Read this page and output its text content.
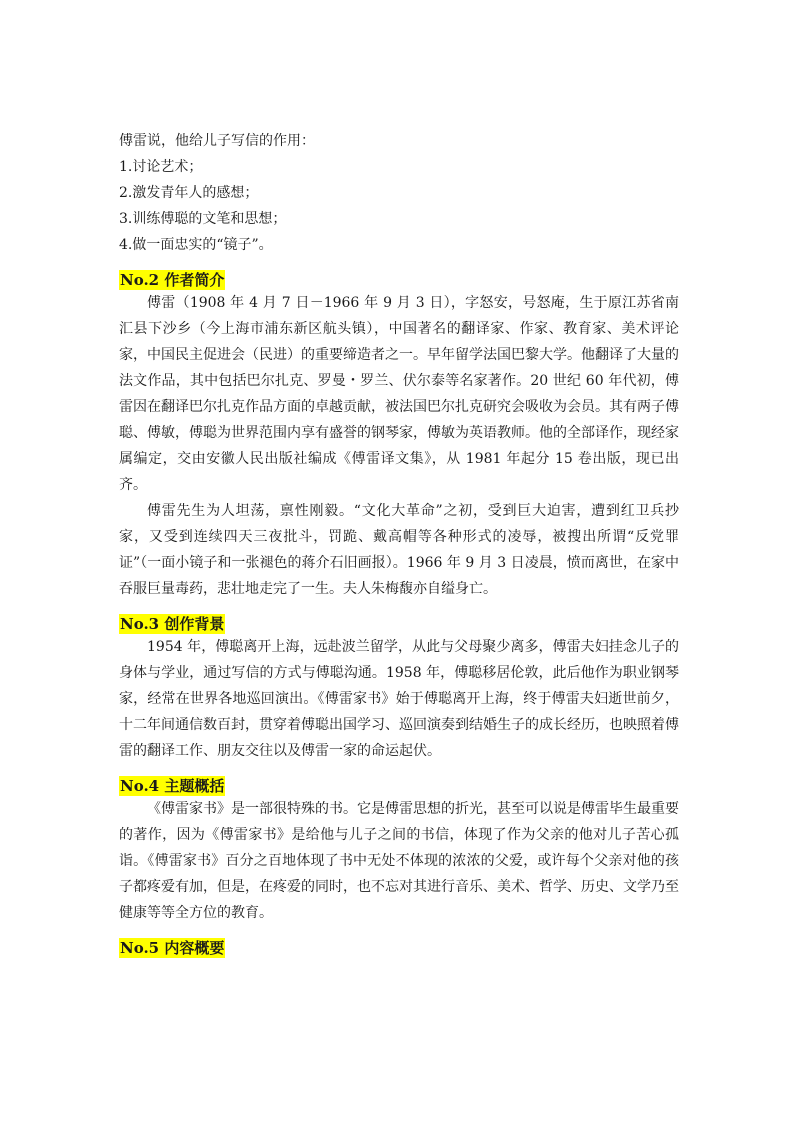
傅雷说，他给儿子写信的作用：
1.讨论艺术；
2.激发青年人的感想；
3.训练傅聪的文笔和思想；
4.做一面忠实的“镜子”。
No.2 作者简介

傅雷（1908 年 4 月 7 日－1966 年 9 月 3 日），字怒安，号怒庵，生于原江苏省南汇县下沙乡（今上海市浦东新区航头镇），中国著名的翻译家、作家、教育家、美术评论家，中国民主促进会（民进）的重要缔造者之一。早年留学法国巴黎大学。他翻译了大量的法文作品，其中包括巴尔扎克、罗曼・罗兰、伏尔泰等名家著作。20 世纪 60 年代初，傅雷因在翻译巴尔扎克作品方面的卓越贡献，被法国巴尔扎克研究会吸收为会员。其有两子傅聪、傅敏，傅聪为世界范围内享有盛誉的钢琴家，傅敏为英语教师。他的全部译作，现经家属编定，交由安徽人民出版社编成《傅雷译文集》，从 1981 年起分 15 卷出版，现已出齐。

傅雷先生为人坦荡，禀性刚毅。“文化大革命”之初，受到巨大迫害，遭到红卫兵抄家，又受到连续四天三夜批斗，罚跪、戴高帽等各种形式的凌辱，被搜出所谓“反党罪证”（一面小镜子和一张褪色的蒋介石旧画报）。1966 年 9 月 3 日凌晨，愤而离世，在家中吞服巨量毒药，悲壮地走完了一生。夫人朱梅馥亦自缢身亡。

No.3 创作背景

1954 年，傅聪离开上海，远赴波兰留学，从此与父母聚少离多，傅雷夫妇挂念儿子的身体与学业，通过写信的方式与傅聪沟通。1958 年，傅聪移居伦敦，此后他作为职业钢琴家，经常在世界各地巡回演出。《傅雷家书》始于傅聪离开上海，终于傅雷夫妇逝世前夕，十二年间通信数百封，贯穿着傅聪出国学习、巡回演奏到结婚生子的成长经历，也映照着傅雷的翻译工作、朋友交往以及傅雷一家的命运起伏。

No.4 主题概括

《傅雷家书》是一部很特殊的书。它是傅雷思想的折光，甚至可以说是傅雷毕生最重要的著作，因为《傅雷家书》是给他与儿子之间的书信，体现了作为父亲的他对儿子苦心孤诣。《傅雷家书》百分之百地体现了书中无处不体现的浓浓的父爱，或许每个父亲对他的孩子都疼爱有加，但是，在疼爱的同时，也不忘对其进行音乐、美术、哲学、历史、文学乃至健康等等全方位的教育。

No.5 内容概要
